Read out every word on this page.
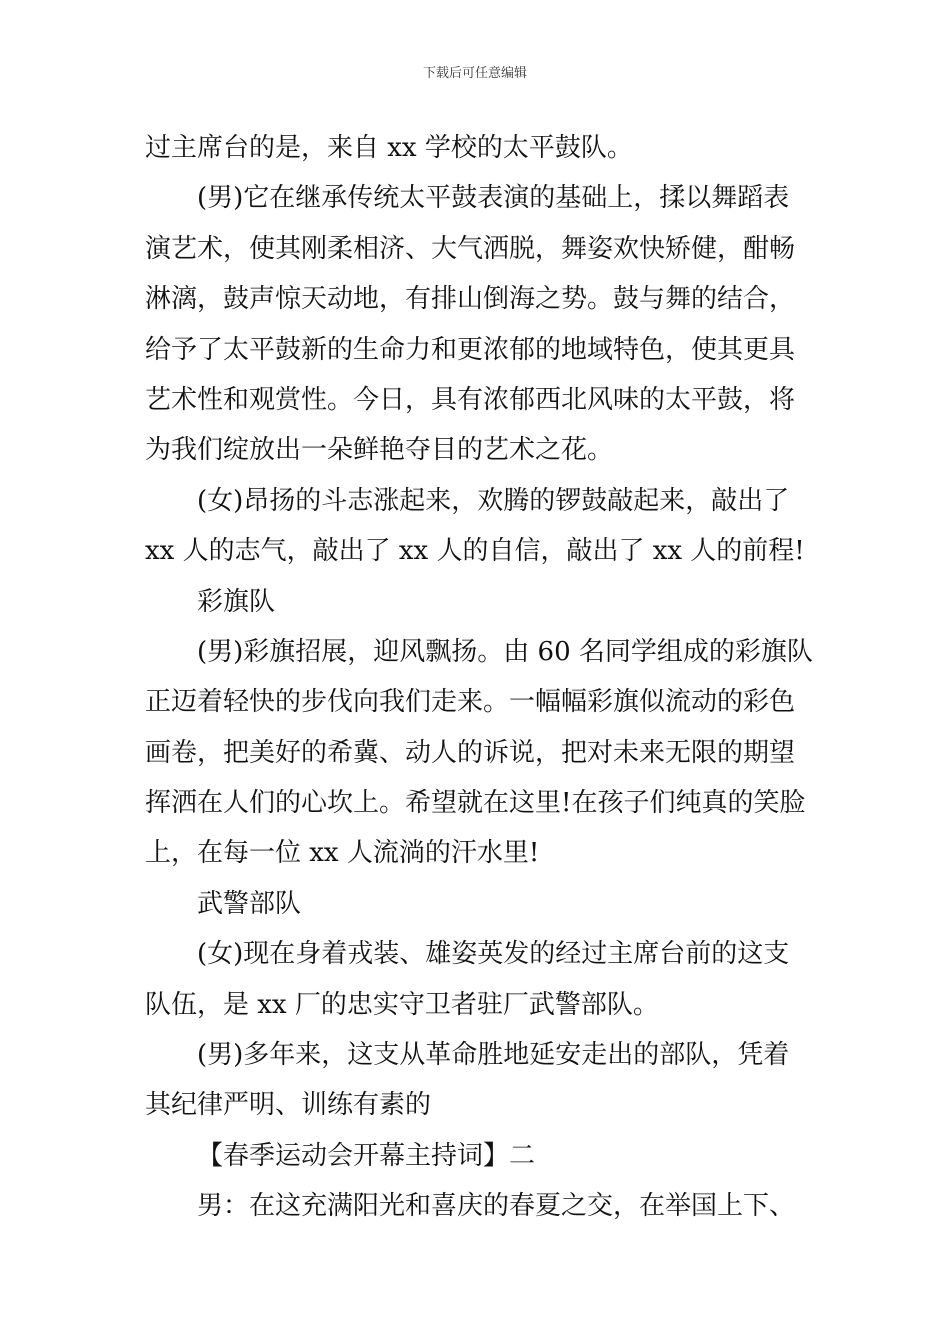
下载后可任意编辑
过主席台的是，来自 xx 学校的太平鼓队。
(男)它在继承传统太平鼓表演的基础上，揉以舞蹈表
演艺术，使其刚柔相济、大气洒脱，舞姿欢快矫健，酣畅
淋漓，鼓声惊天动地，有排山倒海之势。鼓与舞的结合，
给予了太平鼓新的生命力和更浓郁的地域特色，使其更具
艺术性和观赏性。今日，具有浓郁西北风味的太平鼓，将
为我们绽放出一朵鲜艳夺目的艺术之花。
(女)昂扬的斗志涨起来，欢腾的锣鼓敲起来，敲出了
xx 人的志气，敲出了 xx 人的自信，敲出了 xx 人的前程!
彩旗队
(男)彩旗招展，迎风飘扬。由 60 名同学组成的彩旗队
正迈着轻快的步伐向我们走来。一幅幅彩旗似流动的彩色
画卷，把美好的希冀、动人的诉说，把对未来无限的期望
挥洒在人们的心坎上。希望就在这里!在孩子们纯真的笑脸
上，在每一位 xx 人流淌的汗水里!
武警部队
(女)现在身着戎装、雄姿英发的经过主席台前的这支
队伍，是 xx 厂的忠实守卫者驻厂武警部队。
(男)多年来，这支从革命胜地延安走出的部队，凭着
其纪律严明、训练有素的
【春季运动会开幕主持词】二
男：在这充满阳光和喜庆的春夏之交，在举国上下、
